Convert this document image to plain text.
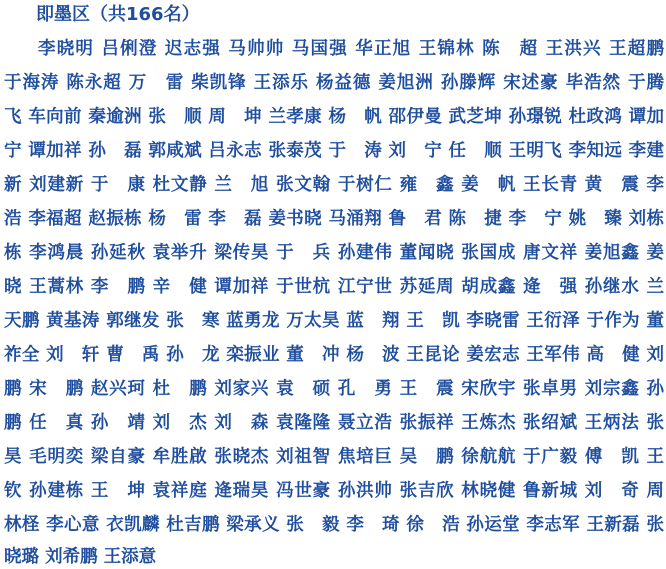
即墨区（共166名）
李晓明 吕俐澄 迟志强 马帅帅 马国强 华正旭 王锦林 陈　超 王洪兴 王超鹏
于海涛 陈永超 万　雷 柴凯锋 王添乐 杨益德 姜旭洲 孙滕辉 宋述豪 毕浩然 于腾
飞 车向前 秦逾洲 张　顺 周　坤 兰孝康 杨　帆 邵伊曼 武芝坤 孙璟锐 杜政鸿 谭加
宁 谭加祥 孙　磊 郭咸斌 吕永志 张泰茂 于　涛 刘　宁 任　顺 王明飞 李知远 李建
新 刘建新 于　康 杜文静 兰　旭 张文翰 于树仁 雍　鑫 姜　帆 王长青 黄　震 李
浩 李福超 赵振栋 杨　雷 李　磊 姜书晓 马涌翔 鲁　君 陈　捷 李　宁 姚　臻 刘栋
栋 李鸿晨 孙延秋 袁举升 梁传昊 于　兵 孙建伟 董闻晓 张国成 唐文祥 姜旭鑫 姜
晓 王蒿林 李　鹏 辛　健 谭加祥 于世杭 江宁世 苏延周 胡成鑫 逄　强 孙继水 兰
天鹏 黄基涛 郭继发 张　寒 蓝勇龙 万太昊 蓝　翔 王　凯 李晓雷 王衍泽 于作为 董
祚全 刘　轩 曹　禹 孙　龙 栾振业 董　冲 杨　波 王昆论 姜宏志 王军伟 高　健 刘
鹏 宋　鹏 赵兴珂 杜　鹏 刘家兴 袁　硕 孔　勇 王　震 宋欣宇 张卓男 刘宗鑫 孙
鹏 任　真 孙　靖 刘　杰 刘　森 袁隆隆 聂立浩 张振祥 王炼杰 张绍斌 王炳法 张
昊 毛明奕 梁自豪 牟胜啟 张晓杰 刘祖智 焦培巨 吴　鹏 徐航航 于广毅 傅　凯 王
钦 孙建栋 王　坤 袁祥庭 逄瑞昊 冯世豪 孙洪帅 张吉欣 林晓健 鲁新城 刘　奇 周
林柽 李心意 衣凯麟 杜吉鹏 梁承义 张　毅 李　琦 徐　浩 孙运堂 李志军 王新磊 张
晓璐 刘希鹏 王添意
